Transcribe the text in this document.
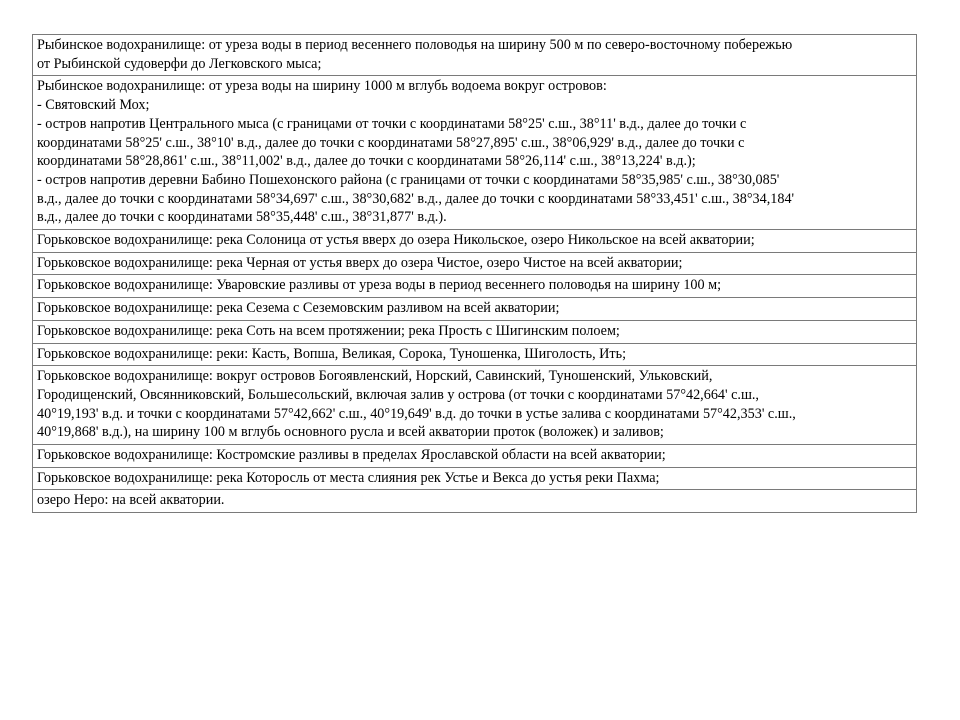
Рыбинское водохранилище: от уреза воды в период весеннего половодья на ширину 500 м по северо-восточному побережью
от Рыбинской судоверфи до Легковского мыса;

Рыбинское водохранилище: от уреза воды на ширину 1000 м вглубь водоема вокруг островов:
- Святовский Мох;
- остров напротив Центрального мыса (с границами от точки с координатами 58°25' с.ш., 38°11' в.д., далее до точки с
координатами 58°25' с.ш., 38°10' в.д., далее до точки с координатами 58°27,895' с.ш., 38°06,929' в.д., далее до точки с
координатами 58°28,861' с.ш., 38°11,002' в.д., далее до точки с координатами 58°26,114' с.ш., 38°13,224' в.д.);
- остров напротив деревни Бабино Пошехонского района (с границами от точки с координатами 58°35,985' с.ш., 38°30,085'
в.д., далее до точки с координатами 58°34,697' с.ш., 38°30,682' в.д., далее до точки с координатами 58°33,451' с.ш., 38°34,184'
в.д., далее до точки с координатами 58°35,448' с.ш., 38°31,877' в.д.).

Горьковское водохранилище: река Солоница от устья вверх до озера Никольское, озеро Никольское на всей акватории;

Горьковское водохранилище: река Черная от устья вверх до озера Чистое, озеро Чистое на всей акватории;

Горьковское водохранилище: Уваровские разливы от уреза воды в период весеннего половодья на ширину 100 м;

Горьковское водохранилище: река Сезема с Сеземовским разливом на всей акватории;

Горьковское водохранилище: река Соть на всем протяжении; река Прость с Шигинским полоем;

Горьковское водохранилище: реки: Касть, Вопша, Великая, Сорока, Туношенка, Шиголость, Ить;

Горьковское водохранилище: вокруг островов Богоявленский, Норский, Савинский, Туношенский, Ульковский,
Городищенский, Овсянниковский, Большесольский, включая залив у острова (от точки с координатами 57°42,664' с.ш.,
40°19,193' в.д. и точки с координатами 57°42,662' с.ш., 40°19,649' в.д. до точки в устье залива с координатами 57°42,353' с.ш.,
40°19,868' в.д.), на ширину 100 м вглубь основного русла и всей акватории проток (воложек) и заливов;

Горьковское водохранилище: Костромские разливы в пределах Ярославской области на всей акватории;

Горьковское водохранилище: река Которосль от места слияния рек Устье и Векса до устья реки Пахма;

озеро Неро: на всей акватории.
